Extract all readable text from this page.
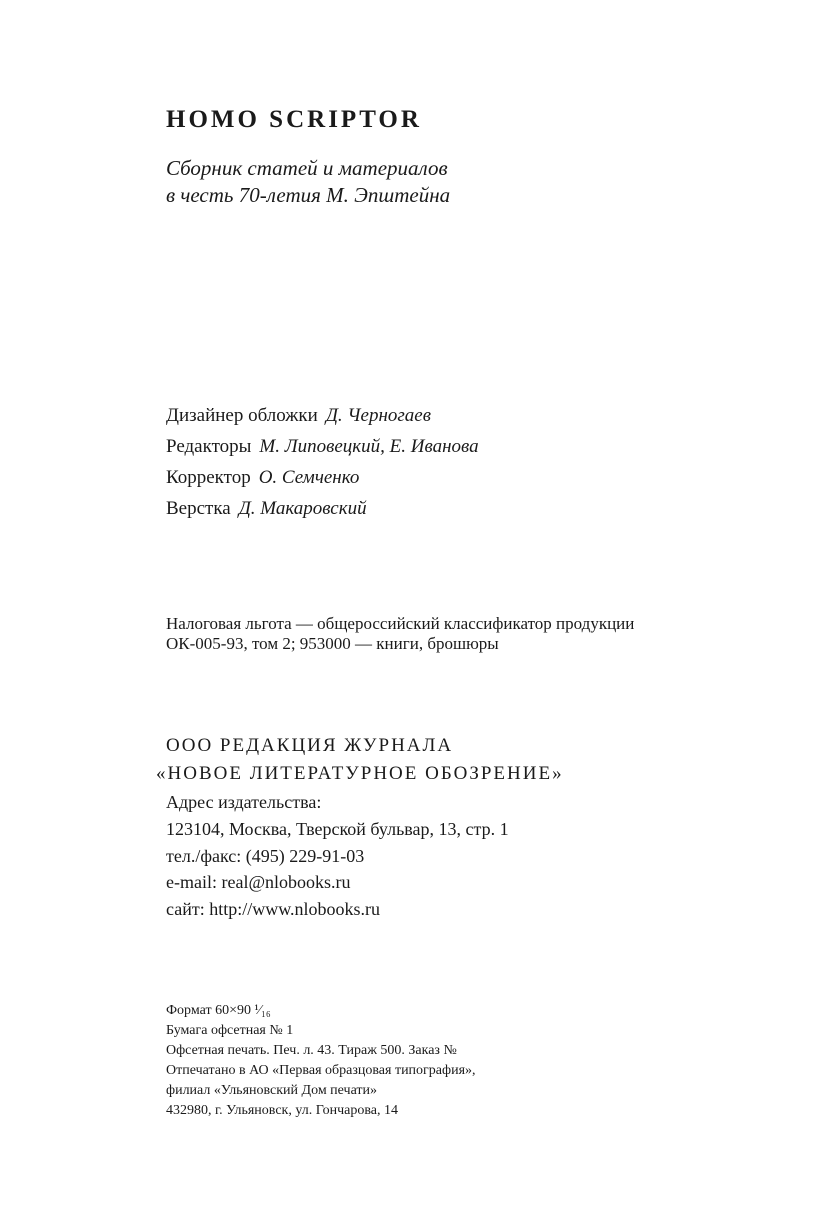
HOMO SCRIPTOR
Сборник статей и материалов
в честь 70-летия М. Эпштейна
Дизайнер обложки Д. Черногаев
Редакторы М. Липовецкий, Е. Иванова
Корректор О. Семченко
Верстка Д. Макаровский
Налоговая льгота — общероссийский классификатор продукции
ОК-005-93, том 2; 953000 — книги, брошюры
ООО РЕДАКЦИЯ ЖУРНАЛА
«НОВОЕ ЛИТЕРАТУРНОЕ ОБОЗРЕНИЕ»
Адрес издательства:
123104, Москва, Тверской бульвар, 13, стр. 1
тел./факс: (495) 229-91-03
e-mail: real@nlobooks.ru
сайт: http://www.nlobooks.ru
Формат 60×90 ¹⁄₁₆
Бумага офсетная № 1
Офсетная печать. Печ. л. 43. Тираж 500. Заказ №
Отпечатано в АО «Первая образцовая типография»,
филиал «Ульяновский Дом печати»
432980, г. Ульяновск, ул. Гончарова, 14
